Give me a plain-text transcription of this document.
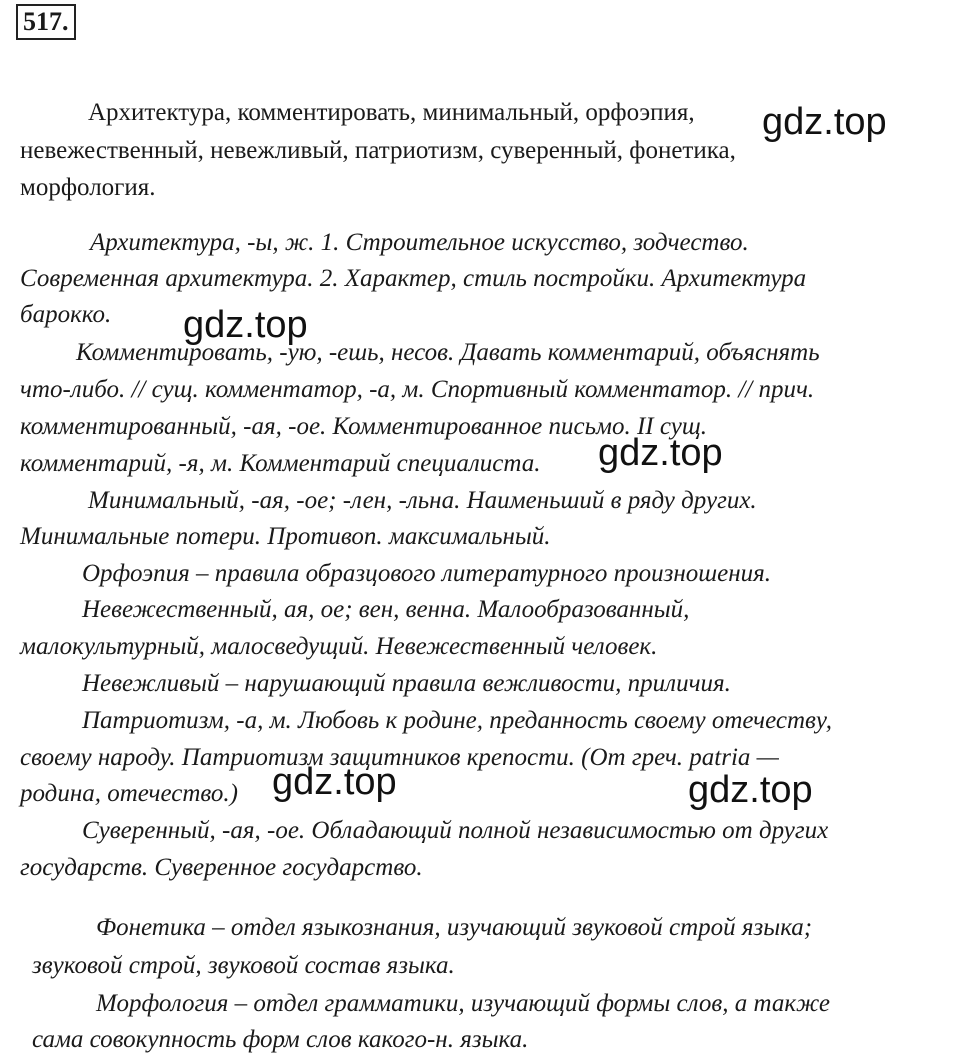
517.
Архитектура, комментировать, минимальный, орфоэпия,
невежественный, невежливый, патриотизм, суверенный, фонетика,
морфология.
Архитектура, -ы, ж. 1. Строительное искусство, зодчество.
Современная архитектура. 2. Характер, стиль постройки. Архитектура
барокко.
Комментировать, -ую, -ешь, несов. Давать комментарий, объяснять
что-либо. // сущ. комментатор, -а, м. Спортивный комментатор. // прич.
комментированный, -ая, -ое. Комментированное письмо. II сущ.
комментарий, -я, м. Комментарий специалиста.
Минимальный, -ая, -ое; -лен, -льна. Наименьший в ряду других.
Минимальные потери. Противоп. максимальный.
Орфоэпия – правила образцового литературного произношения.
Невежественный, ая, ое; вен, венна. Малообразованный,
малокультурный, малосведущий. Невежественный человек.
Невежливый – нарушающий правила вежливости, приличия.
Патриотизм, -а, м. Любовь к родине, преданность своему отечеству,
своему народу. Патриотизм защитников крепости. (От греч. patria —
родина, отечество.)
Суверенный, -ая, -ое. Обладающий полной независимостью от других
государств. Суверенное государство.
Фонетика – отдел языкознания, изучающий звуковой строй языка;
звуковой строй, звуковой состав языка.
Морфология – отдел грамматики, изучающий формы слов, а также
сама совокупность форм слов какого-н. языка.
gdz.top
gdz.top
gdz.top
gdz.top	gdz.top
